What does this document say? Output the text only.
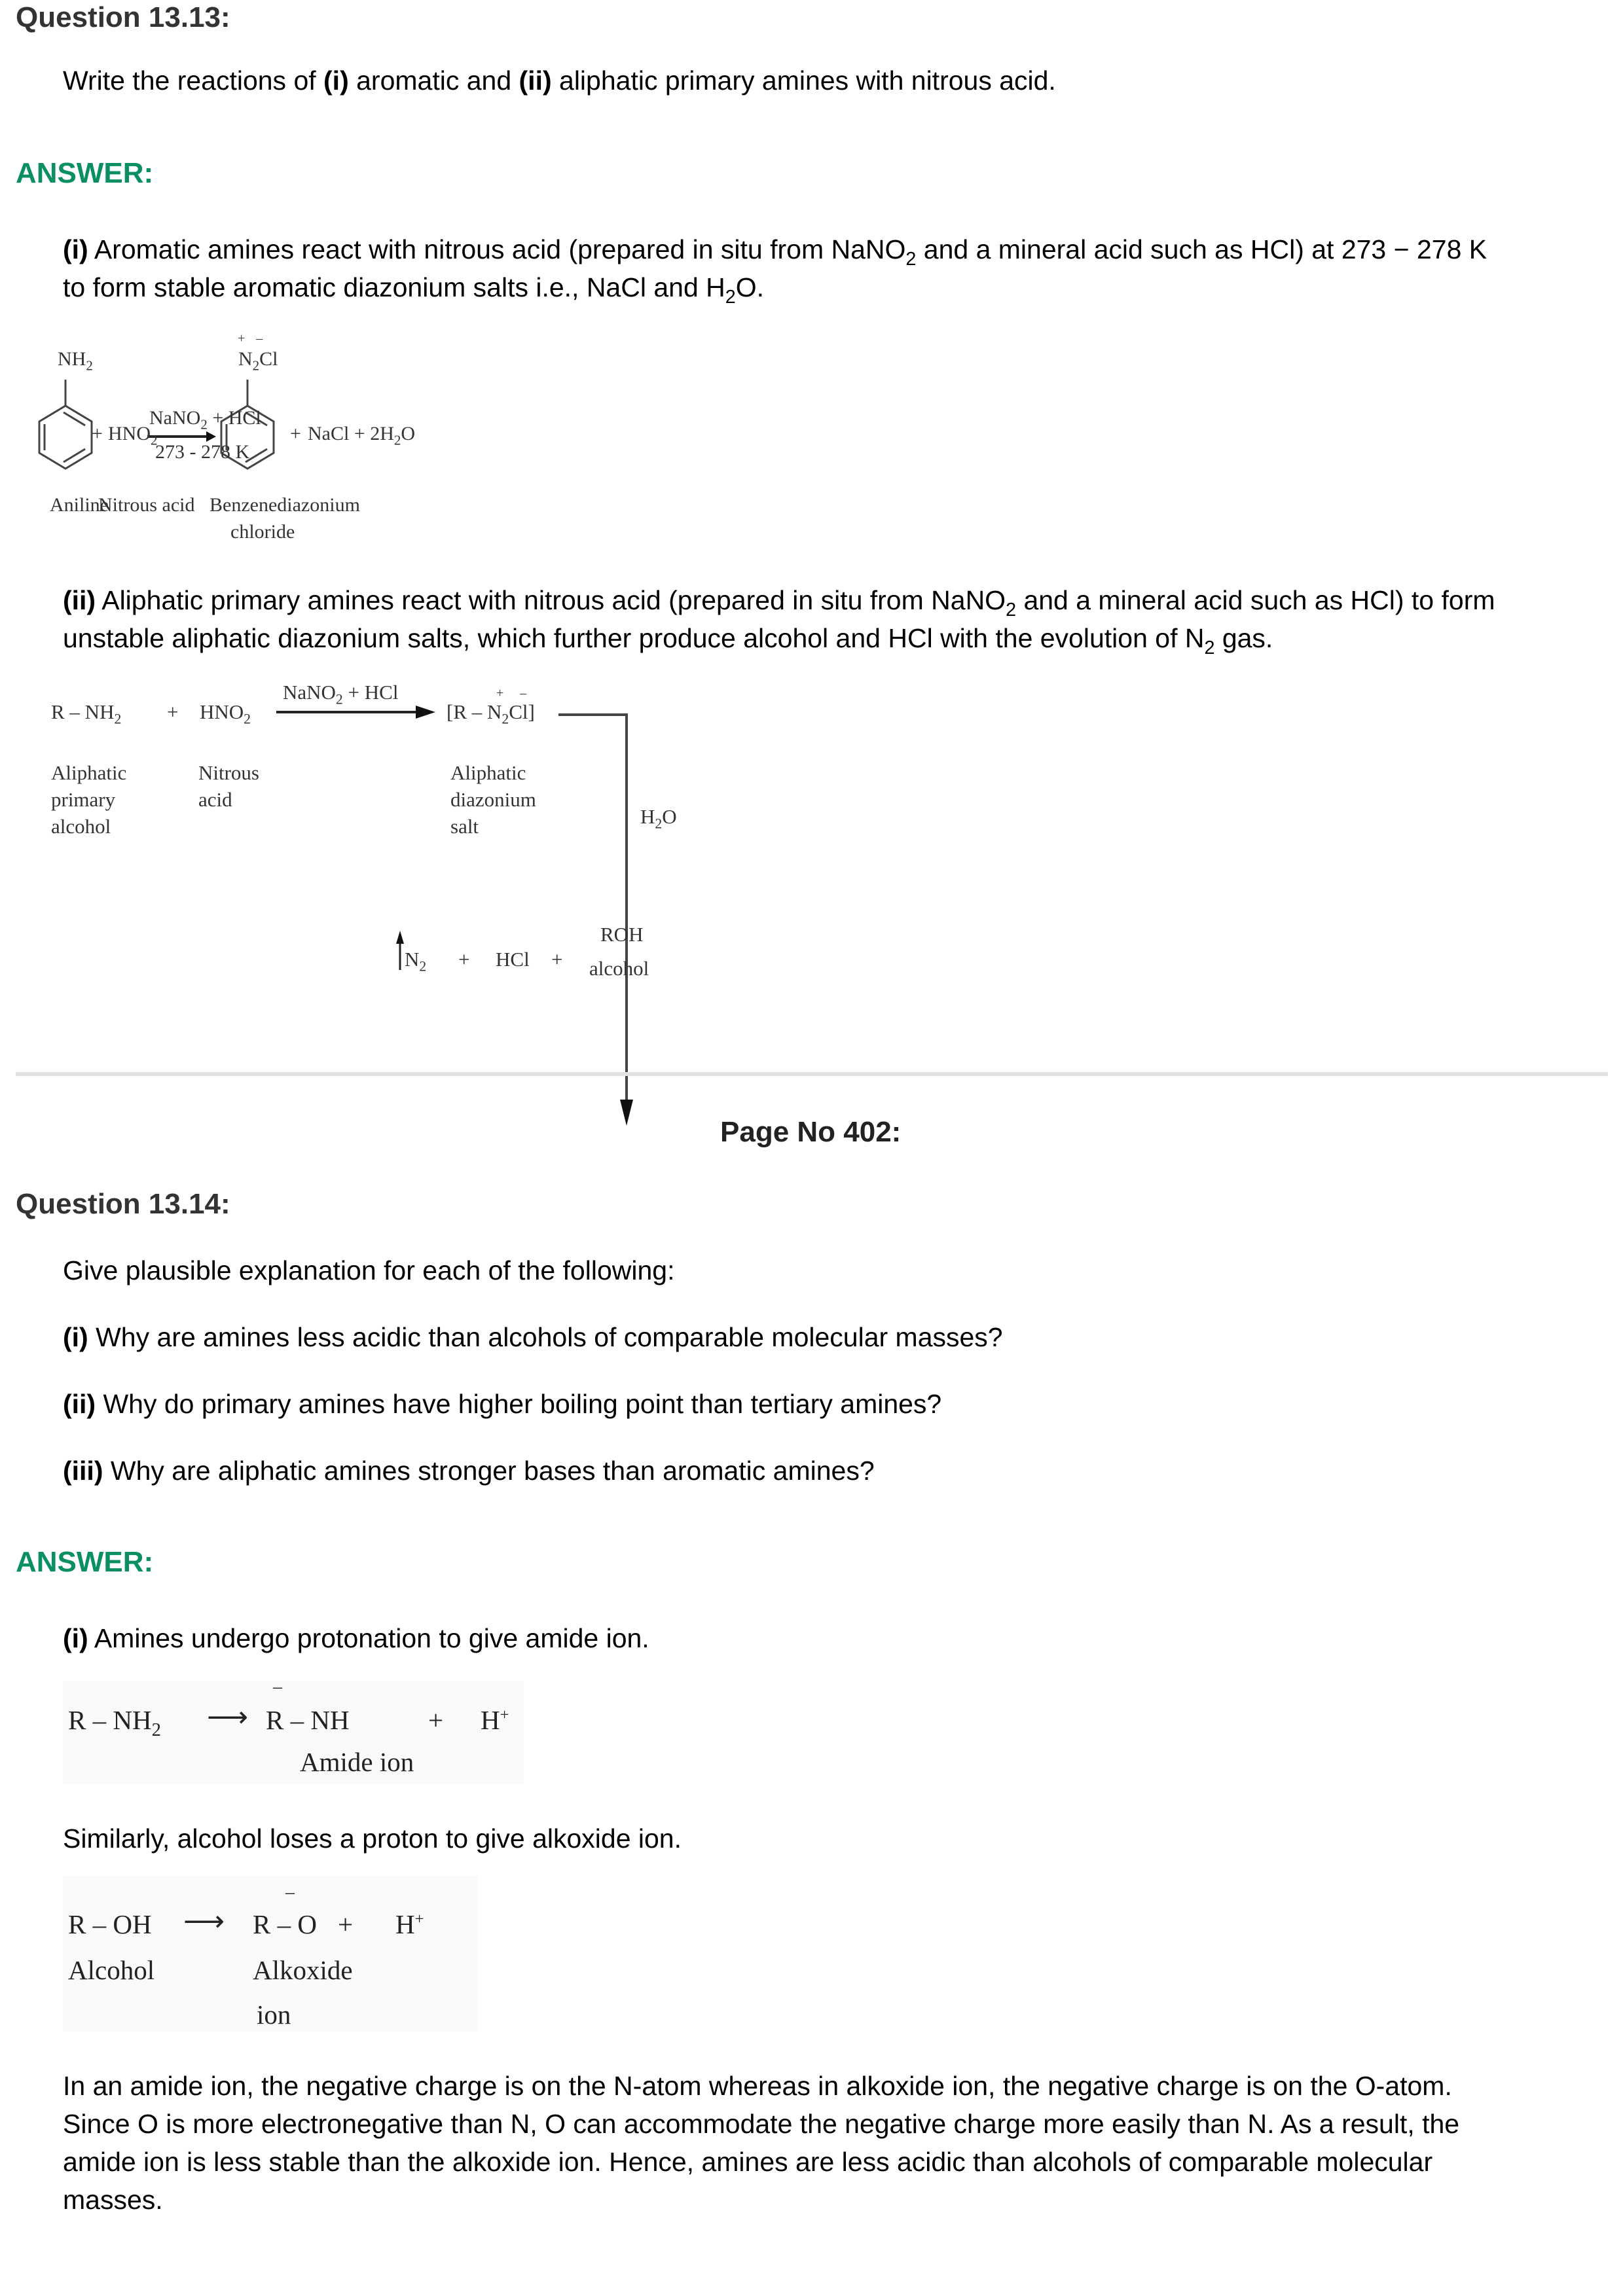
Question 13.13:
Write the reactions of (i) aromatic and (ii) aliphatic primary amines with nitrous acid.
ANSWER:
(i) Aromatic amines react with nitrous acid (prepared in situ from NaNO$_2$ and a mineral acid such as HCl) at 273 − 278 K
to form stable aromatic diazonium salts i.e., NaCl and $H_2O$.
$NH_2$
+ $HNO_2$
NaNO$_2$ + HCl
273 - 278 K
+ –
$N_2Cl$
+ NaCl + $2H_2O$
Aniline
Nitrous acid Benzenediazonium
chloride
(ii) Aliphatic primary amines react with nitrous acid (prepared in situ from NaNO$_2$ and a mineral acid such as HCl) to form
unstable aliphatic diazonium salts, which further produce alcohol and HCl with the evolution of $N_2$ gas.
$R - NH_2 + HNO_2$
NaNO$_2$ + HCl	+ –
$[R - N_2Cl]$
Aliphatic
primary
alcohol
Nitrous
acid
Aliphatic
diazonium
salt	$H_2O$
$N_2$ + HCl +
ROH
alcohol
Page No 402:
Question 13.14:
Give plausible explanation for each of the following:
(i) Why are amines less acidic than alcohols of comparable molecular masses?
(ii) Why do primary amines have higher boiling point than tertiary amines?
(iii) Why are aliphatic amines stronger bases than aromatic amines?
ANSWER:
(i) Amines undergo protonation to give amide ion.
R – $NH_2$ ⟶
–
R – NH	+ H+
Amide ion
Similarly, alcohol loses a proton to give alkoxide ion.
R – OH ⟶
–
R – O + H+
Alcohol	Alkoxide
ion
In an amide ion, the negative charge is on the N-atom whereas in alkoxide ion, the negative charge is on the O-atom.
Since O is more electronegative than N, O can accommodate the negative charge more easily than N. As a result, the
amide ion is less stable than the alkoxide ion. Hence, amines are less acidic than alcohols of comparable molecular
masses.
